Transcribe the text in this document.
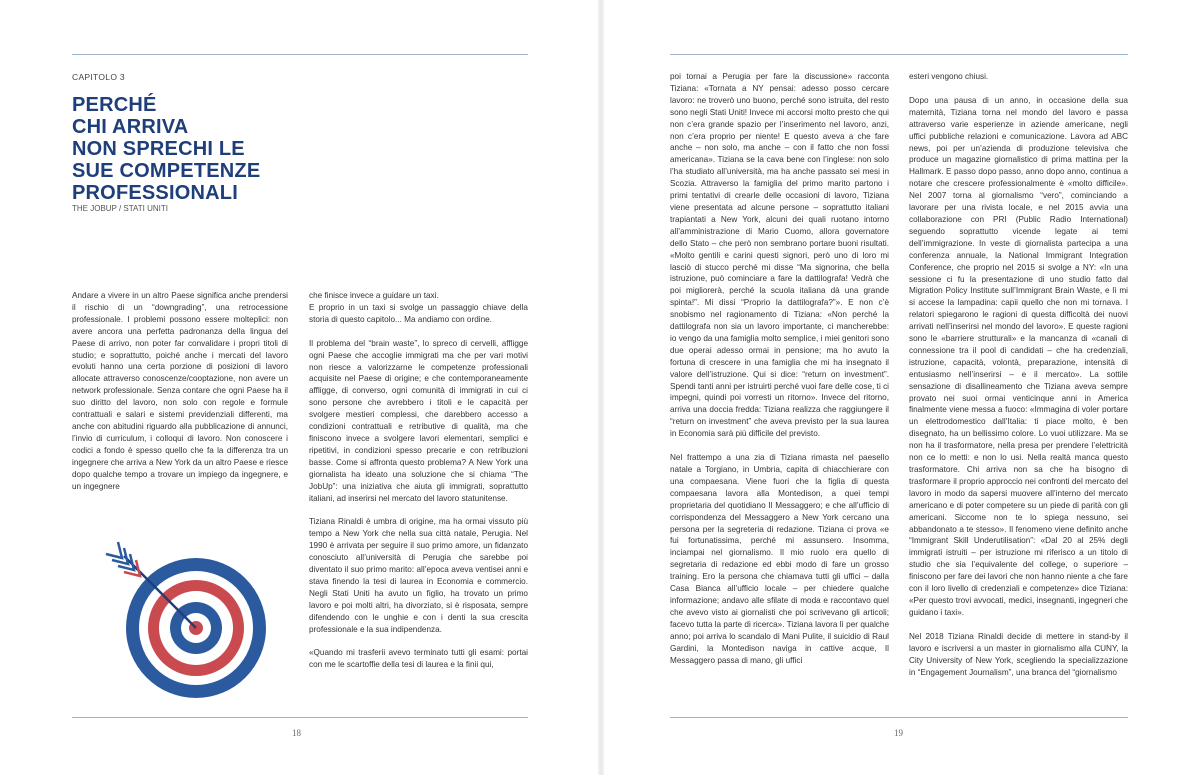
CAPITOLO 3
PERCHÉ
CHI ARRIVA
NON SPRECHI LE
SUE COMPETENZE
PROFESSIONALI
THE JOBUP / STATI UNITI

Andare a vivere in un altro Paese significa anche prendersi il rischio di un “downgrading”, una retrocessione professionale. I problemi possono essere molteplici: non avere ancora una perfetta padronanza della lingua del Paese di arrivo, non poter far convalidare i propri titoli di studio; e soprattutto, poiché anche i mercati del lavoro evoluti hanno una certa porzione di posizioni di lavoro allocate attraverso conoscenze/cooptazione, non avere un network professionale. Senza contare che ogni Paese ha il suo diritto del lavoro, non solo con regole e formule contrattuali e salari e sistemi previdenziali differenti, ma anche con abitudini riguardo alla pubblicazione di annunci, l’invio di curriculum, i colloqui di lavoro. Non conoscere i codici a fondo è spesso quello che fa la differenza tra un ingegnere che arriva a New York da un altro Paese e riesce dopo qualche tempo a trovare un impiego da ingegnere, e un ingegnere

che finisce invece a guidare un taxi.
E proprio in un taxi si svolge un passaggio chiave della storia di questo capitolo... Ma andiamo con ordine.

Il problema del “brain waste”, lo spreco di cervelli, affligge ogni Paese che accoglie immigrati ma che per vari motivi non riesce a valorizzarne le competenze professionali acquisite nel Paese di origine; e che contemporaneamente affligge, di converso, ogni comunità di immigrati in cui ci sono persone che avrebbero i titoli e le capacità per svolgere mestieri complessi, che darebbero accesso a condizioni contrattuali e retributive di qualità, ma che finiscono invece a svolgere lavori elementari, semplici e ripetitivi, in condizioni spesso precarie e con retribuzioni basse. Come si affronta questo problema? A New York una giornalista ha ideato una soluzione che si chiama “The JobUp”: una iniziativa che aiuta gli immigrati, soprattutto italiani, ad inserirsi nel mercato del lavoro statunitense.

Tiziana Rinaldi è umbra di origine, ma ha ormai vissuto più tempo a New York che nella sua città natale, Perugia. Nel 1990 è arrivata per seguire il suo primo amore, un fidanzato conosciuto all’università di Perugia che sarebbe poi diventato il suo primo marito: all’epoca aveva ventisei anni e stava finendo la tesi di laurea in Economia e commercio. Negli Stati Uniti ha avuto un figlio, ha trovato un primo lavoro e poi molti altri, ha divorziato, si è risposata, sempre difendendo con le unghie e con i denti la sua crescita professionale e la sua indipendenza.

«Quando mi trasferii avevo terminato tutti gli esami: portai con me le scartoffie della tesi di laurea e la finii qui,

poi tornai a Perugia per fare la discussione» racconta Tiziana: «Tornata a NY pensai: adesso posso cercare lavoro: ne troverò uno buono, perché sono istruita, del resto sono negli Stati Uniti! Invece mi accorsi molto presto che qui non c’era grande spazio per l’inserimento nel lavoro, anzi, non c’era proprio per niente! E questo aveva a che fare anche – non solo, ma anche – con il fatto che non fossi americana». Tiziana se la cava bene con l’inglese: non solo l’ha studiato all’università, ma ha anche passato sei mesi in Scozia. Attraverso la famiglia del primo marito partono i primi tentativi di crearle delle occasioni di lavoro, Tiziana viene presentata ad alcune persone – soprattutto italiani trapiantati a New York, alcuni dei quali ruotano intorno all’amministrazione di Mario Cuomo, allora governatore dello Stato – che però non sembrano portare buoni risultati. «Molto gentili e carini questi signori, però uno di loro mi lasciò di stucco perché mi disse “Ma signorina, che bella istruzione, può cominciare a fare la dattilografa! Vedrà che poi migliorerà, perché la scuola italiana dà una grande spinta!”. Mi dissi “Proprio la dattilografa?”». E non c’è snobismo nel ragionamento di Tiziana: «Non perché la dattilografa non sia un lavoro importante, ci mancherebbe: io vengo da una famiglia molto semplice, i miei genitori sono due operai adesso ormai in pensione; ma ho avuto la fortuna di crescere in una famiglia che mi ha insegnato il valore dell’istruzione. Qui si dice: “return on investment”. Spendi tanti anni per istruirti perché vuoi fare delle cose, ti ci impegni, quindi poi vorresti un ritorno». Invece del ritorno, arriva una doccia fredda: Tiziana realizza che raggiungere il “return on investment” che aveva previsto per la sua laurea in Economia sarà più difficile del previsto.

Nel frattempo a una zia di Tiziana rimasta nel paesello natale a Torgiano, in Umbria, capita di chiacchierare con una compaesana. Viene fuori che la figlia di questa compaesana lavora alla Montedison, a quei tempi proprietaria del quotidiano Il Messaggero; e che all’ufficio di corrispondenza del Messaggero a New York cercano una persona per la segreteria di redazione. Tiziana ci prova «e fui fortunatissima, perché mi assunsero. Insomma, inciampai nel giornalismo. Il mio ruolo era quello di segretaria di redazione ed ebbi modo di fare un grosso training. Ero la persona che chiamava tutti gli uffici – dalla Casa Bianca all’ufficio locale – per chiedere qualche informazione; andavo alle sfilate di moda e raccontavo quel che avevo visto ai giornalisti che poi scrivevano gli articoli; facevo tutta la parte di ricerca». Tiziana lavora lì per qualche anno; poi arriva lo scandalo di Mani Pulite, il suicidio di Raul Gardini, la Montedison naviga in cattive acque, Il Messaggero passa di mano, gli uffici

esteri vengono chiusi.

Dopo una pausa di un anno, in occasione della sua maternità, Tiziana torna nel mondo del lavoro e passa attraverso varie esperienze in aziende americane, negli uffici pubbliche relazioni e comunicazione. Lavora ad ABC news, poi per un’azienda di produzione televisiva che produce un magazine giornalistico di prima mattina per la Hallmark. E passo dopo passo, anno dopo anno, continua a notare che crescere professionalmente è «molto difficile». Nel 2007 torna al giornalismo “vero”, cominciando a lavorare per una rivista locale, e nel 2015 avvia una collaborazione con PRI (Public Radio International) seguendo soprattutto vicende legate ai temi dell’immigrazione. In veste di giornalista partecipa a una conferenza annuale, la National Immigrant Integration Conference, che proprio nel 2015 si svolge a NY: «In una sessione ci fu la presentazione di uno studio fatto dal Migration Policy Institute sull’Immigrant Brain Waste, e lì mi si accese la lampadina: capii quello che non mi tornava. I relatori spiegarono le ragioni di questa difficoltà dei nuovi arrivati nell’inserirsi nel mondo del lavoro». E queste ragioni sono le «barriere strutturali» e la mancanza di «canali di connessione tra il pool di candidati – che ha credenziali, istruzione, capacità, volontà, preparazione, intensità di entusiasmo nell’inserirsi – e il mercato». La sottile sensazione di disallineamento che Tiziana aveva sempre provato nei suoi ormai venticinque anni in America finalmente viene messa a fuoco: «Immagina di voler portare un elettrodomestico dall’Italia: ti piace molto, è ben disegnato, ha un bellissimo colore. Lo vuoi utilizzare. Ma se non ha il trasformatore, nella presa per prendere l’elettricità non ce lo metti: e non lo usi. Nella realtà manca questo trasformatore. Chi arriva non sa che ha bisogno di trasformare il proprio approccio nei confronti del mercato del lavoro in modo da sapersi muovere all’interno del mercato americano e di poter competere su un piede di parità con gli americani. Siccome non te lo spiega nessuno, sei abbandonato a te stesso». Il fenomeno viene definito anche “Immigrant Skill Underutilisation”: «Dal 20 al 25% degli immigrati istruiti – per istruzione mi riferisco a un titolo di studio che sia l’equivalente del college, o superiore – finiscono per fare dei lavori che non hanno niente a che fare con il loro livello di credenziali e competenze» dice Tiziana: «Per questo trovi avvocati, medici, insegnanti, ingegneri che guidano i taxi».

Nel 2018 Tiziana Rinaldi decide di mettere in stand-by il lavoro e iscriversi a un master in giornalismo alla CUNY, la City University of New York, scegliendo la specializzazione in “Engagement Journalism”, una branca del “giornalismo

18	19
